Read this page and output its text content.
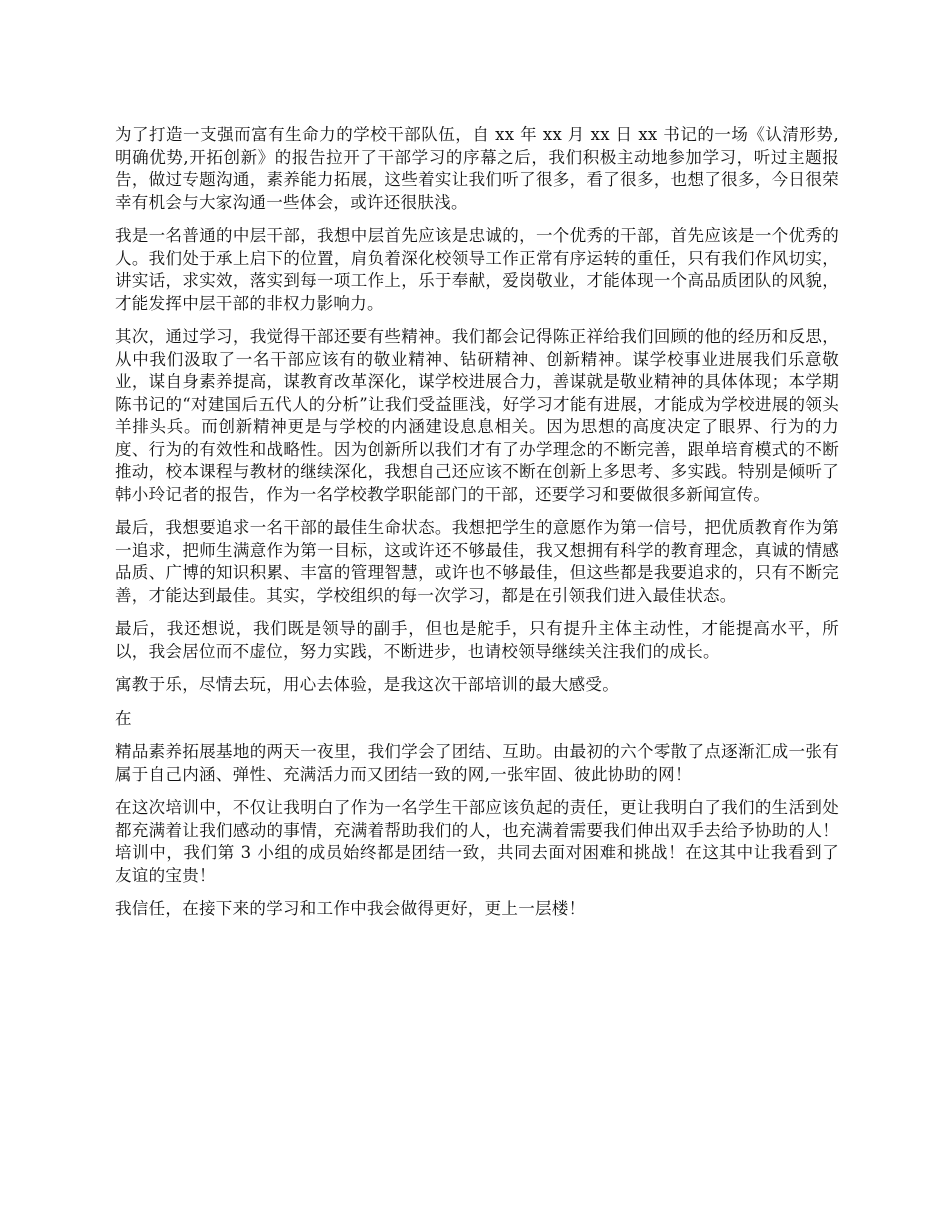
为了打造一支强而富有生命力的学校干部队伍，自 xx 年 xx 月 xx 日 xx 书记的一场《认清形势,明确优势,开拓创新》的报告拉开了干部学习的序幕之后，我们积极主动地参加学习，听过主题报告，做过专题沟通，素养能力拓展，这些着实让我们听了很多，看了很多，也想了很多，今日很荣幸有机会与大家沟通一些体会，或许还很肤浅。

我是一名普通的中层干部，我想中层首先应该是忠诚的，一个优秀的干部，首先应该是一个优秀的人。我们处于承上启下的位置，肩负着深化校领导工作正常有序运转的重任，只有我们作风切实，讲实话，求实效，落实到每一项工作上，乐于奉献，爱岗敬业，才能体现一个高品质团队的风貌，才能发挥中层干部的非权力影响力。

其次，通过学习，我觉得干部还要有些精神。我们都会记得陈正祥给我们回顾的他的经历和反思，从中我们汲取了一名干部应该有的敬业精神、钻研精神、创新精神。谋学校事业进展我们乐意敬业，谋自身素养提高，谋教育改革深化，谋学校进展合力，善谋就是敬业精神的具体体现；本学期陈书记的“对建国后五代人的分析”让我们受益匪浅，好学习才能有进展，才能成为学校进展的领头羊排头兵。而创新精神更是与学校的内涵建设息息相关。因为思想的高度决定了眼界、行为的力度、行为的有效性和战略性。因为创新所以我们才有了办学理念的不断完善，跟单培育模式的不断推动，校本课程与教材的继续深化，我想自己还应该不断在创新上多思考、多实践。特别是倾听了韩小玲记者的报告，作为一名学校教学职能部门的干部，还要学习和要做很多新闻宣传。

最后，我想要追求一名干部的最佳生命状态。我想把学生的意愿作为第一信号，把优质教育作为第一追求，把师生满意作为第一目标，这或许还不够最佳，我又想拥有科学的教育理念，真诚的情感品质、广博的知识积累、丰富的管理智慧，或许也不够最佳，但这些都是我要追求的，只有不断完善，才能达到最佳。其实，学校组织的每一次学习，都是在引领我们进入最佳状态。

最后，我还想说，我们既是领导的副手，但也是舵手，只有提升主体主动性，才能提高水平，所以，我会居位而不虚位，努力实践，不断进步，也请校领导继续关注我们的成长。

寓教于乐，尽情去玩，用心去体验，是我这次干部培训的最大感受。

在

精品素养拓展基地的两天一夜里，我们学会了团结、互助。由最初的六个零散了点逐渐汇成一张有属于自己内涵、弹性、充满活力而又团结一致的网,一张牢固、彼此协助的网！

在这次培训中，不仅让我明白了作为一名学生干部应该负起的责任，更让我明白了我们的生活到处都充满着让我们感动的事情，充满着帮助我们的人，也充满着需要我们伸出双手去给予协助的人！培训中，我们第 3 小组的成员始终都是团结一致，共同去面对困难和挑战！在这其中让我看到了友谊的宝贵！

我信任，在接下来的学习和工作中我会做得更好，更上一层楼！
